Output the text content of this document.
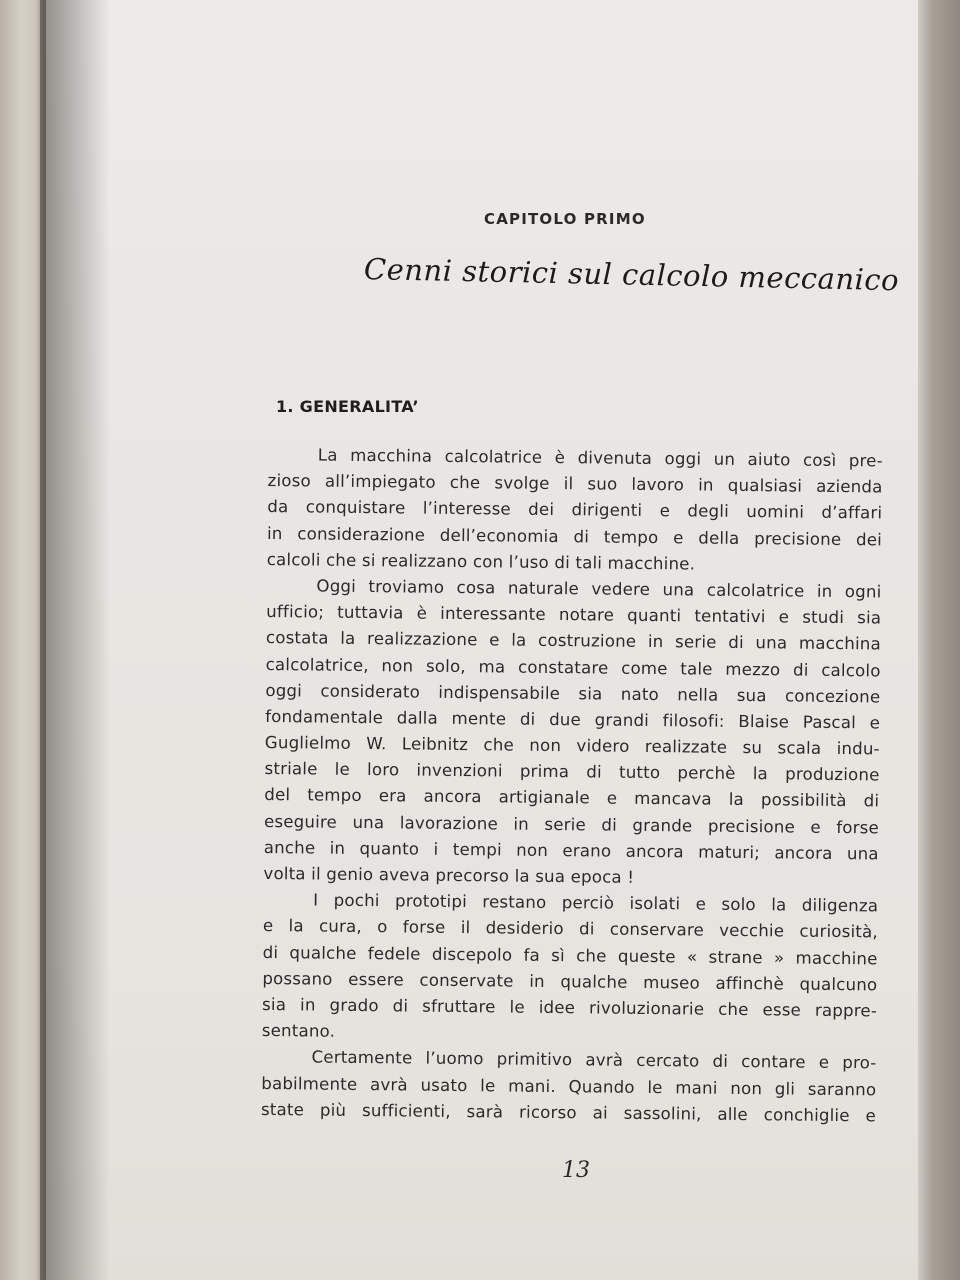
CAPITOLO PRIMO
Cenni storici sul calcolo meccanico
1. GENERALITA’
La macchina calcolatrice è divenuta oggi un aiuto così pre-
zioso all’impiegato che svolge il suo lavoro in qualsiasi azienda
da conquistare l’interesse dei dirigenti e degli uomini d’affari
in considerazione dell’economia di tempo e della precisione dei
calcoli che si realizzano con l’uso di tali macchine.
Oggi troviamo cosa naturale vedere una calcolatrice in ogni
ufficio; tuttavia è interessante notare quanti tentativi e studi sia
costata la realizzazione e la costruzione in serie di una macchina
calcolatrice, non solo, ma constatare come tale mezzo di calcolo
oggi considerato indispensabile sia nato nella sua concezione
fondamentale dalla mente di due grandi filosofi: Blaise Pascal e
Guglielmo W. Leibnitz che non videro realizzate su scala indu-
striale le loro invenzioni prima di tutto perchè la produzione
del tempo era ancora artigianale e mancava la possibilità di
eseguire una lavorazione in serie di grande precisione e forse
anche in quanto i tempi non erano ancora maturi; ancora una
volta il genio aveva precorso la sua epoca !
I pochi prototipi restano perciò isolati e solo la diligenza
e la cura, o forse il desiderio di conservare vecchie curiosità,
di qualche fedele discepolo fa sì che queste « strane » macchine
possano essere conservate in qualche museo affinchè qualcuno
sia in grado di sfruttare le idee rivoluzionarie che esse rappre-
sentano.
Certamente l’uomo primitivo avrà cercato di contare e pro-
babilmente avrà usato le mani. Quando le mani non gli saranno
state più sufficienti, sarà ricorso ai sassolini, alle conchiglie e
13
